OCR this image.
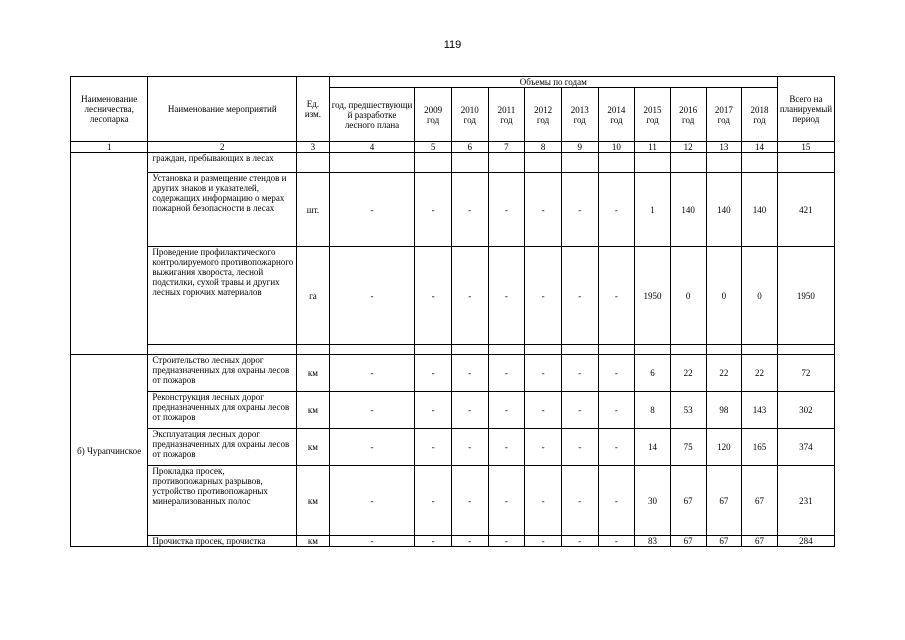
119
Наименование лесничества, лесопарка	Наименование мероприятий	Ед. изм.	Объемы по годам											Всего на планируемый период
			год, предшествующи й разработке лесного плана	2009 год	2010 год	2011 год	2012 год	2013 год	2014 год	2015 год	2016 год	2017 год	2018 год	
1	2	3	4	5	6	7	8	9	10	11	12	13	14	15
	граждан, пребывающих в лесах													
	Установка и размещение стендов и других знаков и указателей, содержащих информацию о мерах пожарной безопасности в лесах	шт.	-	-	-	-	-	-	-	1	140	140	140	421
	Проведение профилактического контролируемого противопожарного выжигания хвороста, лесной подстилки, сухой травы и других лесных горючих материалов	га	-	-	-	-	-	-	-	1950	0	0	0	1950

б) Чурапчинское	Строительство лесных дорог предназначенных для охраны лесов от пожаров	км	-	-	-	-	-	-	-	6	22	22	22	72
	Реконструкция лесных дорог предназначенных для охраны лесов от пожаров	км	-	-	-	-	-	-	-	8	53	98	143	302
	Эксплуатация лесных дорог предназначенных для охраны лесов от пожаров	км	-	-	-	-	-	-	-	14	75	120	165	374
	Прокладка просек, противопожарных разрывов, устройство противопожарных минерализованных полос	км	-	-	-	-	-	-	-	30	67	67	67	231
	Прочистка просек, прочистка	км	-	-	-	-	-	-	-	83	67	67	67	284
